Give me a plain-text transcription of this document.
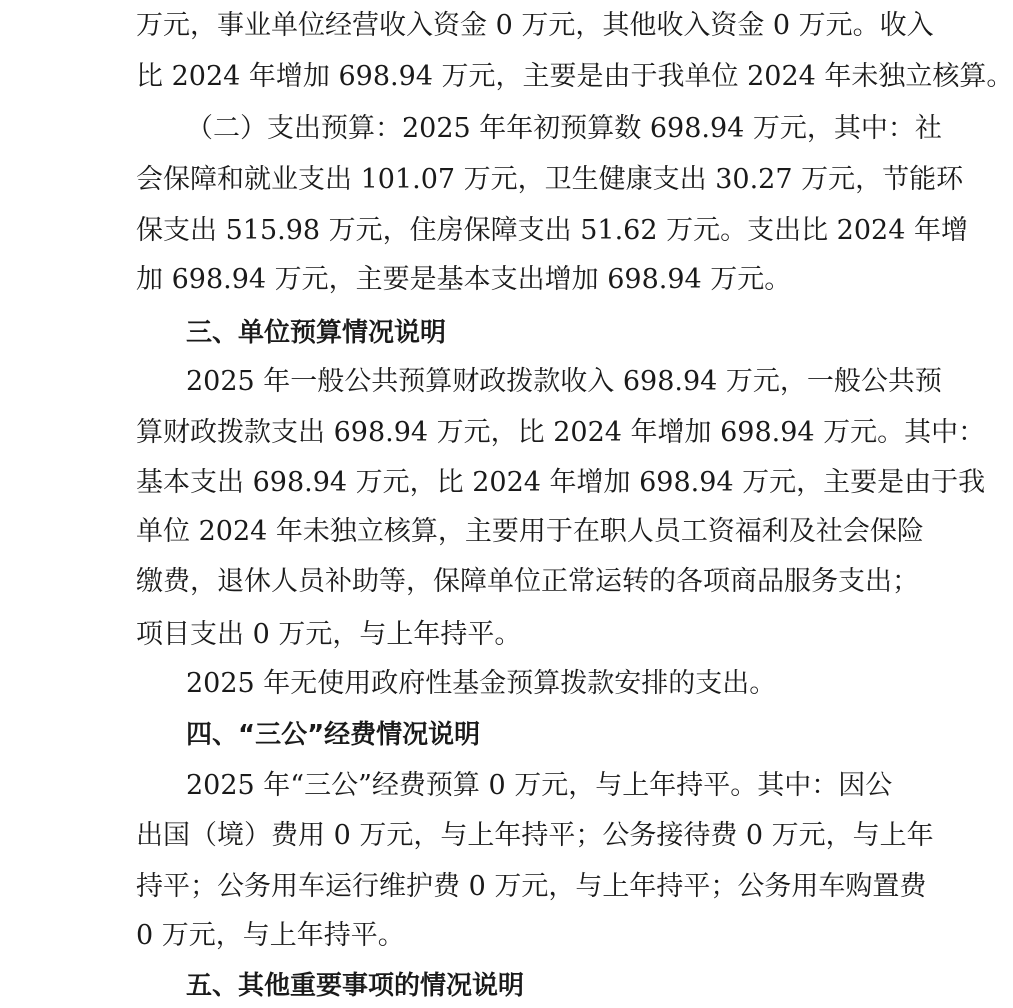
万元，事业单位经营收入资金 0 万元，其他收入资金 0 万元。收入
比 2024 年增加 698.94 万元，主要是由于我单位 2024 年未独立核算。
（二）支出预算：2025 年年初预算数 698.94 万元，其中：社
会保障和就业支出 101.07 万元，卫生健康支出 30.27 万元，节能环
保支出 515.98 万元，住房保障支出 51.62 万元。支出比 2024 年增
加 698.94 万元，主要是基本支出增加 698.94 万元。
三、单位预算情况说明
2025 年一般公共预算财政拨款收入 698.94 万元，一般公共预
算财政拨款支出 698.94 万元，比 2024 年增加 698.94 万元。其中：
基本支出 698.94 万元，比 2024 年增加 698.94 万元，主要是由于我
单位 2024 年未独立核算，主要用于在职人员工资福利及社会保险
缴费，退休人员补助等，保障单位正常运转的各项商品服务支出；
项目支出 0 万元，与上年持平。
2025 年无使用政府性基金预算拨款安排的支出。
四、“三公”经费情况说明
2025 年“三公”经费预算 0 万元，与上年持平。其中：因公
出国（境）费用 0 万元，与上年持平；公务接待费 0 万元，与上年
持平；公务用车运行维护费 0 万元，与上年持平；公务用车购置费
0 万元，与上年持平。
五、其他重要事项的情况说明
